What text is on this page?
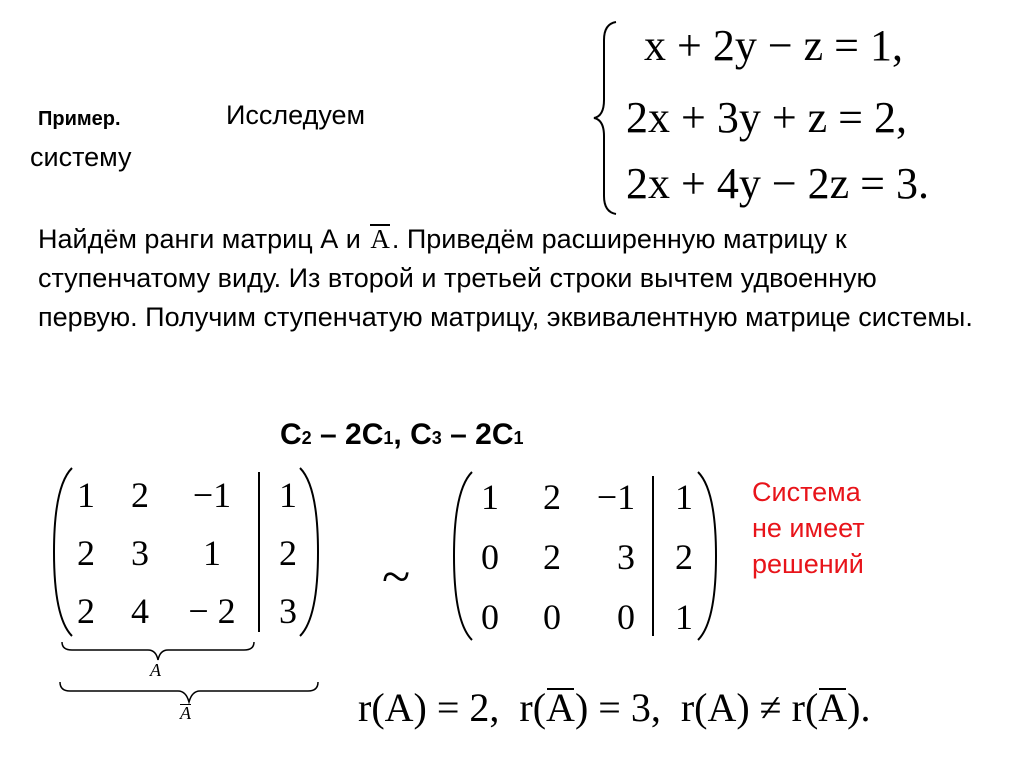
Пример.	Исследуем
систему
x + 2y − z = 1,
2x + 3y + z = 2,
2x + 4y − 2z = 3.
Найдём ранги матриц А и A. Приведём расширенную матрицу к ступенчатому виду. Из второй и третьей строки вычтем удвоенную первую. Получим ступенчатую матрицу, эквивалентную матрице системы.
C2 – 2C1, C3 – 2C1
1 2 −1 1
2 3 1 2
2 4 − 2 3
A
A
~
1 2 −1 1
0 2 3 2
0 0 0 1
Система
не имеет
решений
r(A) = 2, r(A) = 3, r(A) ≠ r(A).
